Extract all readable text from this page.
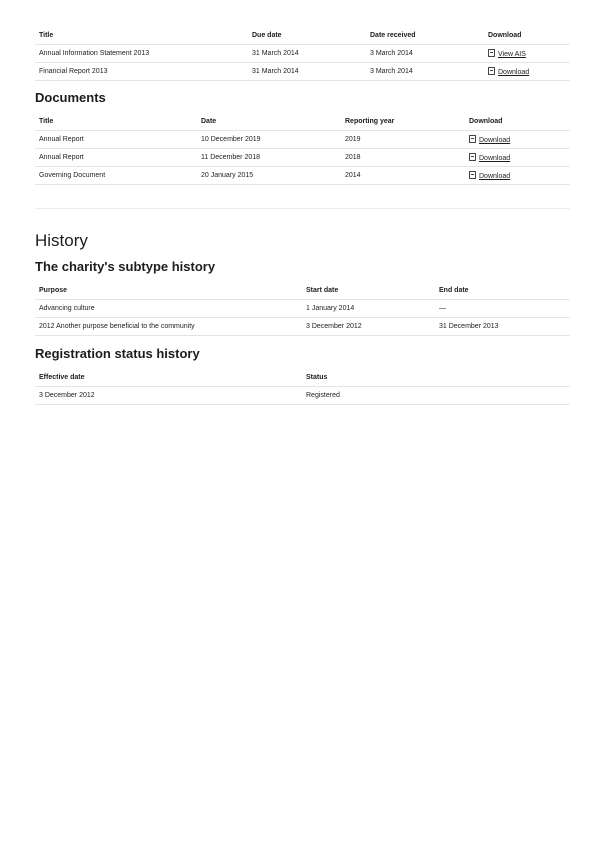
Title	Due date	Date received	Download
Annual Information Statement 2013	31 March 2014	3 March 2014	View AIS
Financial Report 2013	31 March 2014	3 March 2014	Download
Documents
Title	Date	Reporting year	Download
Annual Report	10 December 2019	2019	Download
Annual Report	11 December 2018	2018	Download
Governing Document	20 January 2015	2014	Download
History
The charity's subtype history
Purpose	Start date	End date
Advancing culture	1 January 2014	—
2012 Another purpose beneficial to the community	3 December 2012	31 December 2013
Registration status history
Effective date	Status
3 December 2012	Registered
